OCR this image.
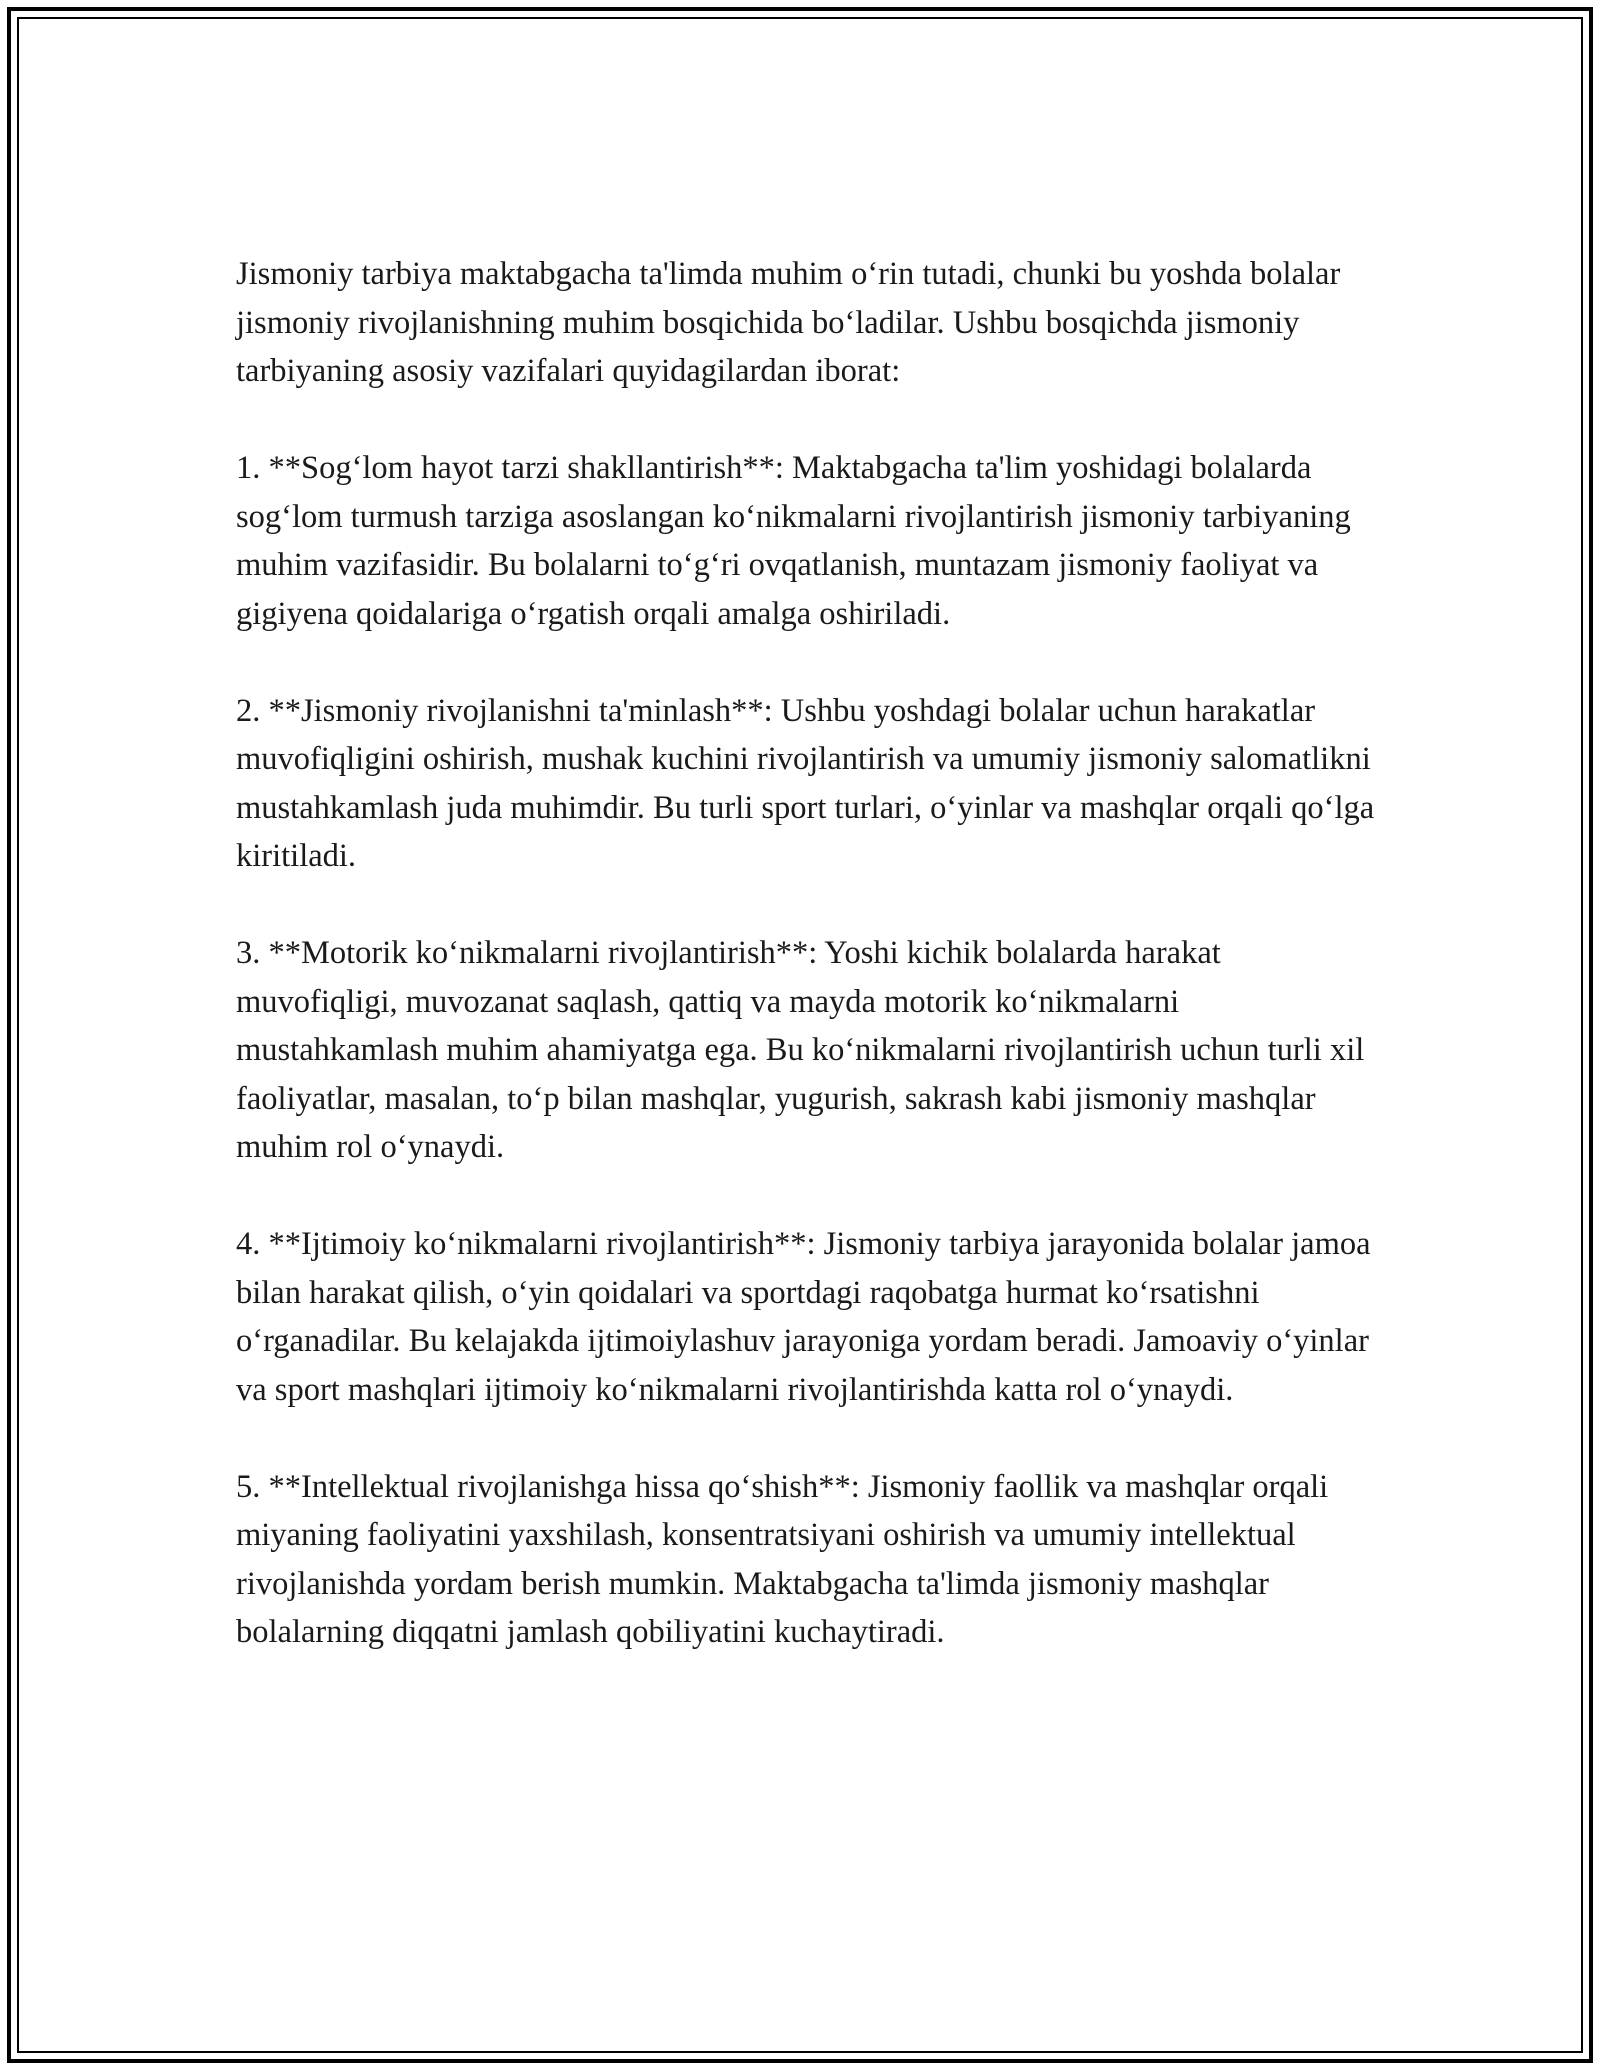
Jismoniy tarbiya maktabgacha ta'limda muhim o‘rin tutadi, chunki bu yoshda bolalar jismoniy rivojlanishning muhim bosqichida bo‘ladilar. Ushbu bosqichda jismoniy tarbiyaning asosiy vazifalari quyidagilardan iborat:

1. **Sog‘lom hayot tarzi shakllantirish**: Maktabgacha ta'lim yoshidagi bolalarda sog‘lom turmush tarziga asoslangan ko‘nikmalarni rivojlantirish jismoniy tarbiyaning muhim vazifasidir. Bu bolalarni to‘g‘ri ovqatlanish, muntazam jismoniy faoliyat va gigiyena qoidalariga o‘rgatish orqali amalga oshiriladi.

2. **Jismoniy rivojlanishni ta'minlash**: Ushbu yoshdagi bolalar uchun harakatlar muvofiqligini oshirish, mushak kuchini rivojlantirish va umumiy jismoniy salomatlikni mustahkamlash juda muhimdir. Bu turli sport turlari, o‘yinlar va mashqlar orqali qo‘lga kiritiladi.

3. **Motorik ko‘nikmalarni rivojlantirish**: Yoshi kichik bolalarda harakat muvofiqligi, muvozanat saqlash, qattiq va mayda motorik ko‘nikmalarni mustahkamlash muhim ahamiyatga ega. Bu ko‘nikmalarni rivojlantirish uchun turli xil faoliyatlar, masalan, to‘p bilan mashqlar, yugurish, sakrash kabi jismoniy mashqlar muhim rol o‘ynaydi.

4. **Ijtimoiy ko‘nikmalarni rivojlantirish**: Jismoniy tarbiya jarayonida bolalar jamoa bilan harakat qilish, o‘yin qoidalari va sportdagi raqobatga hurmat ko‘rsatishni o‘rganadilar. Bu kelajakda ijtimoiylashuv jarayoniga yordam beradi. Jamoaviy o‘yinlar va sport mashqlari ijtimoiy ko‘nikmalarni rivojlantirishda katta rol o‘ynaydi.

5. **Intellektual rivojlanishga hissa qo‘shish**: Jismoniy faollik va mashqlar orqali miyaning faoliyatini yaxshilash, konsentratsiyani oshirish va umumiy intellektual rivojlanishda yordam berish mumkin. Maktabgacha ta'limda jismoniy mashqlar bolalarning diqqatni jamlash qobiliyatini kuchaytiradi.
